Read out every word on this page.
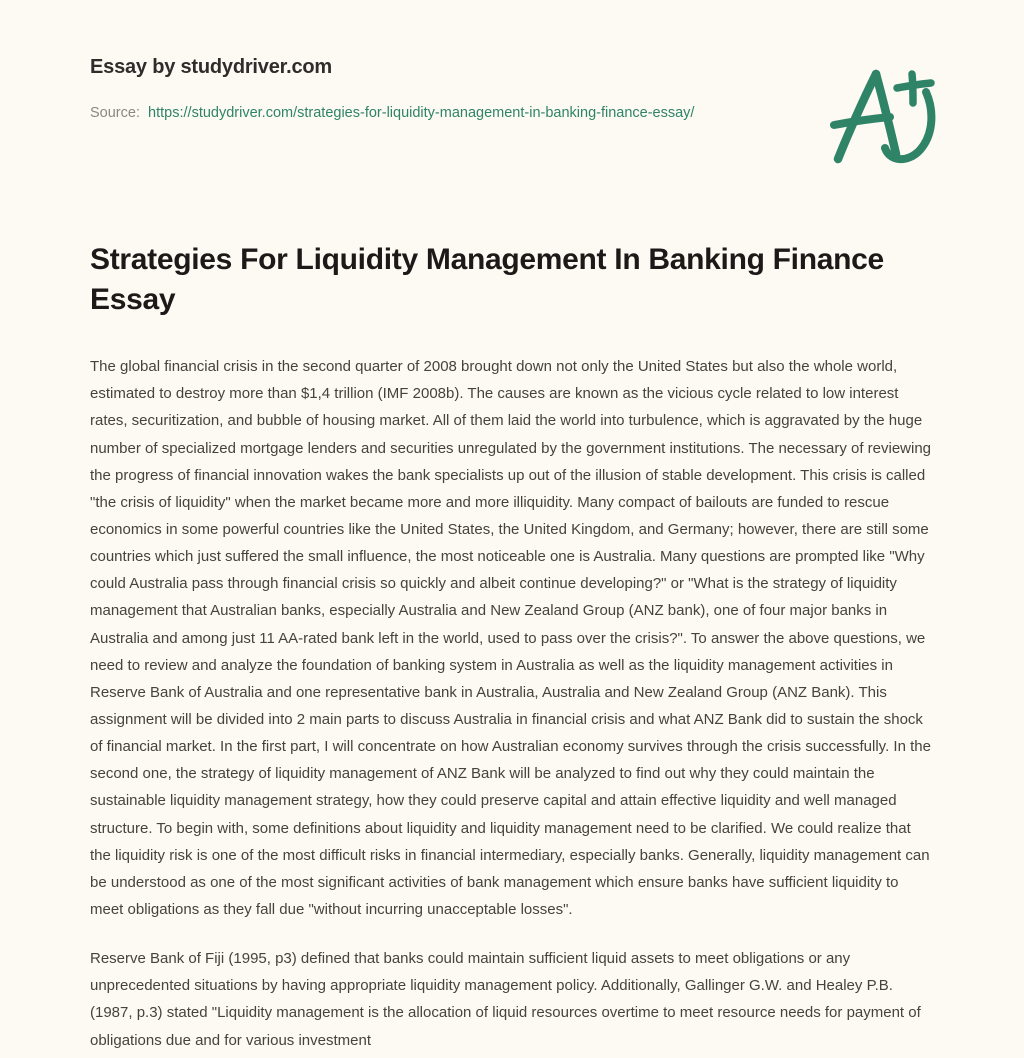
Essay by studydriver.com
Source: https://studydriver.com/strategies-for-liquidity-management-in-banking-finance-essay/
Strategies For Liquidity Management In Banking Finance Essay

The global financial crisis in the second quarter of 2008 brought down not only the United States but also the whole world, estimated to destroy more than $1,4 trillion (IMF 2008b). The causes are known as the vicious cycle related to low interest rates, securitization, and bubble of housing market. All of them laid the world into turbulence, which is aggravated by the huge number of specialized mortgage lenders and securities unregulated by the government institutions. The necessary of reviewing the progress of financial innovation wakes the bank specialists up out of the illusion of stable development. This crisis is called "the crisis of liquidity" when the market became more and more illiquidity. Many compact of bailouts are funded to rescue economics in some powerful countries like the United States, the United Kingdom, and Germany; however, there are still some countries which just suffered the small influence, the most noticeable one is Australia. Many questions are prompted like "Why could Australia pass through financial crisis so quickly and albeit continue developing?" or "What is the strategy of liquidity management that Australian banks, especially Australia and New Zealand Group (ANZ bank), one of four major banks in Australia and among just 11 AA-rated bank left in the world, used to pass over the crisis?". To answer the above questions, we need to review and analyze the foundation of banking system in Australia as well as the liquidity management activities in Reserve Bank of Australia and one representative bank in Australia, Australia and New Zealand Group (ANZ Bank). This assignment will be divided into 2 main parts to discuss Australia in financial crisis and what ANZ Bank did to sustain the shock of financial market. In the first part, I will concentrate on how Australian economy survives through the crisis successfully. In the second one, the strategy of liquidity management of ANZ Bank will be analyzed to find out why they could maintain the sustainable liquidity management strategy, how they could preserve capital and attain effective liquidity and well managed structure. To begin with, some definitions about liquidity and liquidity management need to be clarified. We could realize that the liquidity risk is one of the most difficult risks in financial intermediary, especially banks. Generally, liquidity management can be understood as one of the most significant activities of bank management which ensure banks have sufficient liquidity to meet obligations as they fall due "without incurring unacceptable losses".

Reserve Bank of Fiji (1995, p3) defined that banks could maintain sufficient liquid assets to meet obligations or any unprecedented situations by having appropriate liquidity management policy. Additionally, Gallinger G.W. and Healey P.B. (1987, p.3) stated "Liquidity management is the allocation of liquid resources overtime to meet resource needs for payment of obligations due and for various investment
